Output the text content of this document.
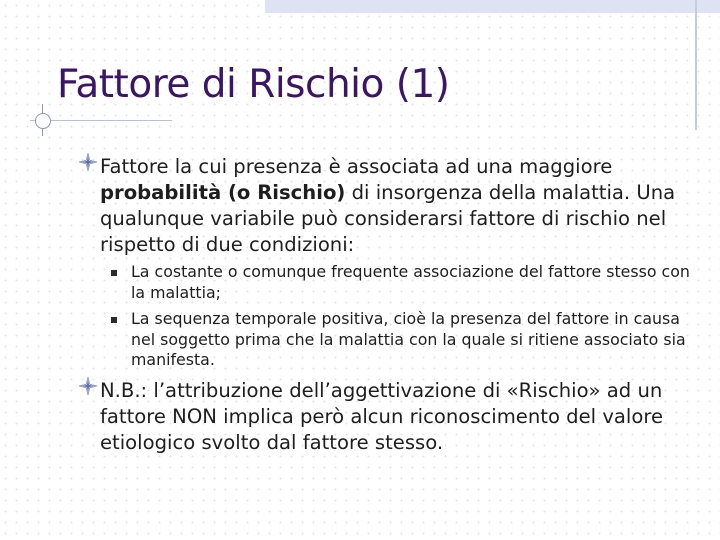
Fattore di Rischio (1)
Fattore la cui presenza è associata ad una maggiore probabilità (o Rischio) di insorgenza della malattia. Una qualunque variabile può considerarsi fattore di rischio nel rispetto di due condizioni:
La costante o comunque frequente associazione del fattore stesso con la malattia;
La sequenza temporale positiva, cioè la presenza del fattore in causa nel soggetto prima che la malattia con la quale si ritiene associato sia manifesta.
N.B.: l’attribuzione dell’aggettivazione di «Rischio» ad un fattore NON implica però alcun riconoscimento del valore etiologico svolto dal fattore stesso.
